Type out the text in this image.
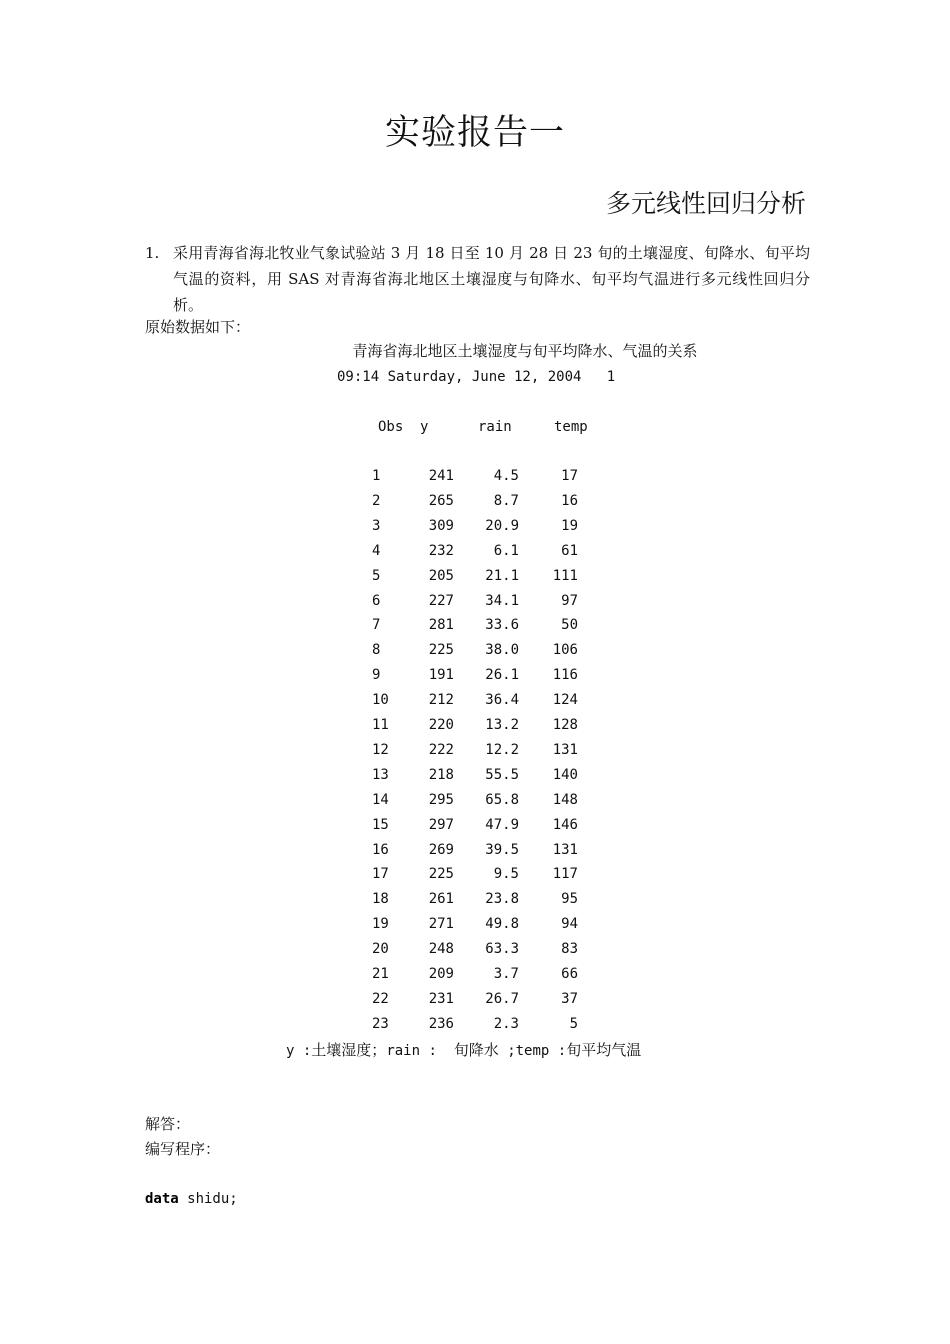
实验报告一
多元线性回归分析
1. 采用青海省海北牧业气象试验站 3 月 18 日至 10 月 28 日 23 旬的土壤湿度、旬降水、旬平均气温的资料，用 SAS 对青海省海北地区土壤湿度与旬降水、旬平均气温进行多元线性回归分析。
原始数据如下：
青海省海北地区土壤湿度与旬平均降水、气温的关系
09:14 Saturday, June 12, 2004   1
Obs y	rain	temp
1	241	4.5	17
2	265	8.7	16
3	309	20.9	19
4	232	6.1	61
5	205	21.1	111
6	227	34.1	97
7	281	33.6	50
8	225	38.0	106
9	191	26.1	116
10	212	36.4	124
11	220	13.2	128
12	222	12.2	131
13	218	55.5	140
14	295	65.8	148
15	297	47.9	146
16	269	39.5	131
17	225	9.5	117
18	261	23.8	95
19	271	49.8	94
20	248	63.3	83
21	209	3.7	66
22	231	26.7	37
23	236	2.3	5
y :土壤湿度；rain :  旬降水 ;temp :旬平均气温
解答：
编写程序：
data shidu;
